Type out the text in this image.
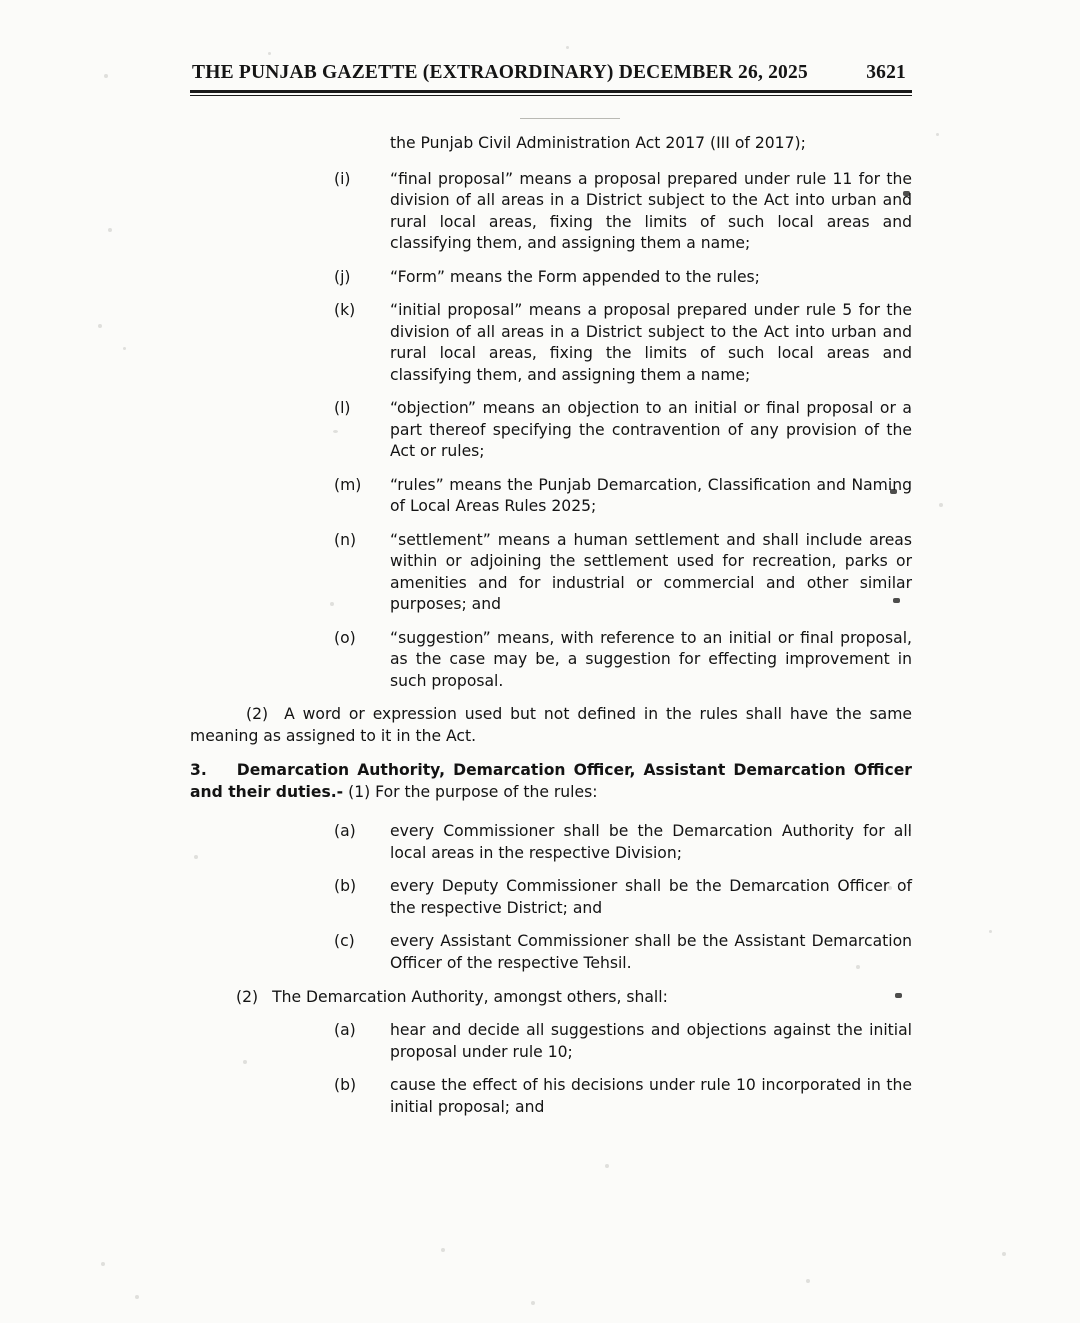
THE PUNJAB GAZETTE (EXTRAORDINARY) DECEMBER 26, 2025	3621
the Punjab Civil Administration Act 2017 (III of 2017);
(i)	“final proposal” means a proposal prepared under rule 11 for the division of all areas in a District subject to the Act into urban and rural local areas, fixing the limits of such local areas and classifying them, and assigning them a name;
(j)	“Form” means the Form appended to the rules;
(k)	“initial proposal” means a proposal prepared under rule 5 for the division of all areas in a District subject to the Act into urban and rural local areas, fixing the limits of such local areas and classifying them, and assigning them a name;
(l)	“objection” means an objection to an initial or final proposal or a part thereof specifying the contravention of any provision of the Act or rules;
(m)	“rules” means the Punjab Demarcation, Classification and Naming of Local Areas Rules 2025;
(n)	“settlement” means a human settlement and shall include areas within or adjoining the settlement used for recreation, parks or amenities and for industrial or commercial and other similar purposes; and
(o)	“suggestion” means, with reference to an initial or final proposal, as the case may be, a suggestion for effecting improvement in such proposal.
(2) A word or expression used but not defined in the rules shall have the same meaning as assigned to it in the Act.
3. Demarcation Authority, Demarcation Officer, Assistant Demarcation Officer and their duties.- (1) For the purpose of the rules:
(a)	every Commissioner shall be the Demarcation Authority for all local areas in the respective Division;
(b)	every Deputy Commissioner shall be the Demarcation Officer of the respective District; and
(c)	every Assistant Commissioner shall be the Assistant Demarcation Officer of the respective Tehsil.
(2) The Demarcation Authority, amongst others, shall:
(a)	hear and decide all suggestions and objections against the initial proposal under rule 10;
(b)	cause the effect of his decisions under rule 10 incorporated in the initial proposal; and
